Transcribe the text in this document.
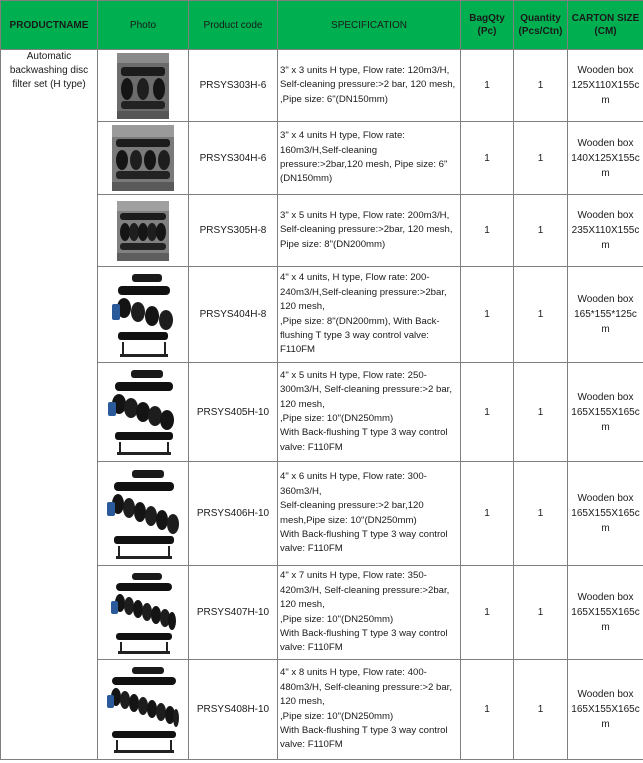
PRODUCTNAME	Photo	Product code	SPECIFICATION	BagQty
(Pc)	Quantity
(Pcs/Ctn)	CARTON SIZE
(CM)
Automatic backwashing disc filter set (H type)		PRSYS303H-6	3" x 3 units H type, Flow rate: 120m3/H, Self-cleaning pressure:>2 bar, 120 mesh,
,Pipe size: 6"(DN150mm)	1	1	Wooden box
125X110X155cm

	PRSYS304H-6	3" x 4 units H type, Flow rate: 160m3/H,Self-cleaning pressure:>2bar,120 mesh, Pipe size: 6"(DN150mm)	1	1	Wooden box
140X125X155cm

	PRSYS305H-8	3" x 5 units H type, Flow rate: 200m3/H, Self-cleaning pressure:>2bar, 120 mesh,
Pipe size: 8"(DN200mm)	1	1	Wooden box
235X110X155cm

	PRSYS404H-8	4" x 4 units, H type, Flow rate: 200-240m3/H,Self-cleaning pressure:>2bar, 120 mesh,
,Pipe size: 8"(DN200mm), With Back-flushing T type 3 way control valve: F110FM	1	1	Wooden box
165*155*125cm

	PRSYS405H-10	4" x 5 units H type, Flow rate: 250-300m3/H, Self-cleaning pressure:>2 bar, 120 mesh,
,Pipe size: 10"(DN250mm)
With Back-flushing T type 3 way control valve: F110FM	1	1	Wooden box
165X155X165cm

	PRSYS406H-10	4" x 6 units H type, Flow rate: 300-360m3/H,
Self-cleaning pressure:>2 bar,120 mesh,Pipe size: 10"(DN250mm)
With Back-flushing T type 3 way control valve: F110FM	1	1	Wooden box
165X155X165cm

	PRSYS407H-10	4" x 7 units H type, Flow rate: 350-420m3/H, Self-cleaning pressure:>2bar, 120 mesh,
,Pipe size: 10"(DN250mm)
With Back-flushing T type 3 way control valve: F110FM	1	1	Wooden box
165X155X165cm

	PRSYS408H-10	4" x 8 units H type, Flow rate: 400-480m3/H, Self-cleaning pressure:>2 bar, 120 mesh,
,Pipe size: 10"(DN250mm)
With Back-flushing T type 3 way control valve: F110FM	1	1	Wooden box
165X155X165cm
